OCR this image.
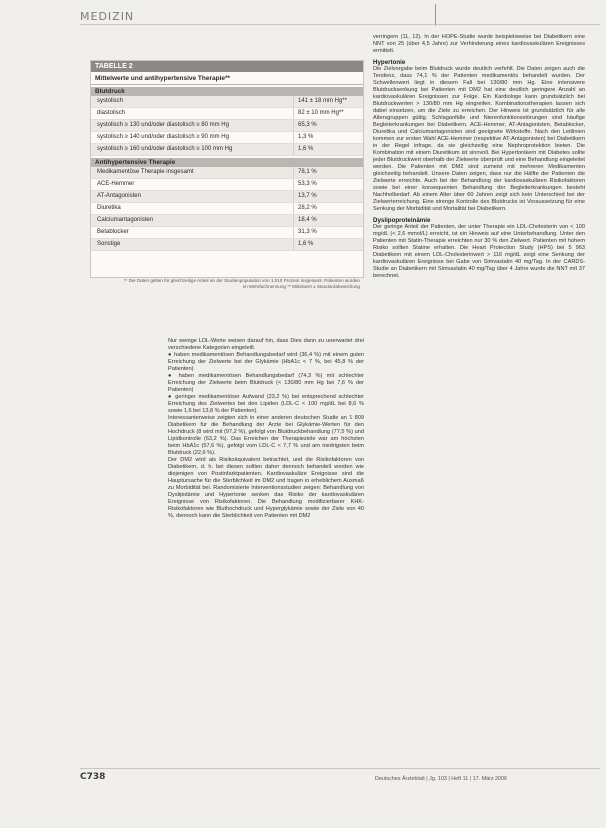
MEDIZIN
TABELLE 2
Mittelwerte und antihypertensive Therapie**
Blutdruck
systolisch	141 ± 18 mm Hg**
diastolisch	82 ± 10 mm Hg**
systolisch ≥ 130 und/oder diastolisch ≥ 80 mm Hg	65,3 %
systolisch ≥ 140 und/oder diastolisch ≥ 90 mm Hg	1,3 %
systolisch ≥ 160 und/oder diastolisch ≥ 100 mm Hg	1,6 %
Antihypertensive Therapie
Medikamentöse Therapie insgesamt	78,1 %
ACE-Hemmer	53,3 %
AT-Antagonisten	13,7 %
Diuretika	28,2 %
Calciumantagonisten	18,4 %
Betablocker	31,3 %
Sonstige	1,6 %
** Die Daten gelten für gleichzeitige Anteil an der Studienpopulation von 1.010 Prozent insgesamt. Patienten wurden im Mehrfachnennung ** Mittelwert ± Standardabweichung

Nur wenige LDL-Werte weisen darauf hin, dass Dies dann zu unerwartet drei verschiedene Kategorien eingeteilt.

● haben medikamentösen Behandlungsbedarf wird (36,4 %) mit einem guten Erreichung der Zielwerte bei der Glykämie (HbA1c < 7 %, bei 45,8 % der Patienten)

● haben medikamentösen Behandlungsbedarf (74,3 %) mit schlechter Erreichung der Zielwerte beim Blutdruck (< 130/80 mm Hg bei 7,6 % der Patienten)

● geringer medikamentöser Aufwand (23,2 %) bei entsprechend schlechter Erreichung des Zielwertes bei den Lipiden (LDL-C < 100 mg/dL bei 8,6 % sowie 1,6 bei 13,8 % der Patienten).

Interessanterweise zeigten sich in einer anderen deutschen Studie an 1 809 Diabetikern für die Behandlung der Arzte bei Glykämie-Werten für den Hochdruck (8 wird mit (97,2 %), gefolgt von Blutdruckbehandlung (77,5 %) und Lipidkontrolle (63,2 %). Das Erreichen der Therapieziele war am höchsten beim HbA1c (57,6 %), gefolgt vom LDL-C < 7,7 % und am niedrigsten beim Blutdruck (22,6 %).

Der DM2 wird als Risikoäquivalent betrachtet, und die Risikofaktoren von Diabetikern, d. h. bei diesen sollten daher dennoch behandelt werden wie diejenigen von Postinfarktpatienten. Kardiovaskuläre Ereignisse sind die Hauptursache für die Sterblichkeit im DM2 und tragen in erheblichem Ausmaß zu Morbidität bei. Randomisierte Interventionsstudien zeigen: Behandlung von Dyslipidämie und Hypertonie senken das Risiko der kardiovaskulären Ereignisse von Risikofaktoren. Die Behandlung modifizierbarer KHK-Risikofaktoren wie Bluthochdruck und Hyperglykämie sowie der Ziele von 40 %, dennoch kann die Sterblichkeit von Patienten mit DM2

verringern (11, 12). In der HOPE-Studie wurde beispielsweise bei Diabetikern eine NNT von 25 (über 4,5 Jahre) zur Verhinderung eines kardiovaskulären Ereignisses ermittelt.

Hypertonie

Die Zielvorgabe beim Blutdruck wurde deutlich verfehlt. Die Daten zeigen auch die Tendenz, dass 74,1 % der Patienten medikamentös behandelt wurden. Der Schwellenwert liegt in diesem Fall bei 130/80 mm Hg. Eine intensivere Blutdrucksenkung bei Patienten mit DM2 hat eine deutlich geringere Anzahl an kardiovaskulären Ereignissen zur Folge. Ein Kardiologe kann grundsätzlich bei Blutdruckwerten > 130/80 mm Hg eingreifen. Kombinationstherapien lassen sich dabei einsetzen, um die Ziele zu erreichen. Der Hinweis ist grundsätzlich für alle Altersgruppen gültig. Schlaganfälle und Nierenfunktionsstörungen sind häufige Begleiterkrankungen bei Diabetikern. ACE-Hemmer, AT-Antagonisten, Betablocker, Diuretika und Calciumantagonisten sind geeignete Wirkstoffe. Nach den Leitlinien kommen zur ersten Wahl ACE-Hemmer (respektive AT-Antagonisten) bei Diabetikern in der Regel infrage, da sie gleichzeitig eine Nephroprotektion bieten. Die Kombination mit einem Diuretikum ist sinnvoll. Bei Hypertonikern mit Diabetes sollte jeder Blutdruckwert oberhalb der Zielwerte überprüft und eine Behandlung eingeleitet werden. Die Patienten mit DM2 sind zumeist mit mehreren Medikamenten gleichzeitig behandelt. Unsere Daten zeigen, dass nur die Hälfte der Patienten die Zielwerte erreichte. Auch bei der Behandlung der kardiovaskulären Risikofaktoren sowie bei einer konsequenten Behandlung der Begleiterkrankungen besteht Nachholbedarf. Ab einem Alter über 60 Jahren zeigt sich kein Unterschied bei der Zielwerterreichung. Eine strenge Kontrolle des Blutdrucks ist Voraussetzung für eine Senkung der Morbidität und Mortalität bei Diabetikern.

Dyslipoproteinämie

Der geringe Anteil der Patienten, der unter Therapie ein LDL-Cholesterin von < 100 mg/dL (< 2,6 mmol/L) erreicht, ist ein Hinweis auf eine Unterbehandlung. Unter den Patienten mit Statin-Therapie erreichten nur 30 % den Zielwert. Patienten mit hohem Risiko sollten Statine erhalten. Die Heart Protection Study (HPS) bei 5 963 Diabetikern mit einem LDL-Cholesterinwert > 116 mg/dL zeigt eine Senkung der kardiovaskulären Ereignisse bei Gabe von Simvastatin 40 mg/Tag. In der CARDS-Studie an Diabetikern mit Simvastatin 40 mg/Tag über 4 Jahre wurde die NNT mit 37 berechnet.

C738	Deutsches Ärzteblatt | Jg. 103 | Heft 11 | 17. März 2006
